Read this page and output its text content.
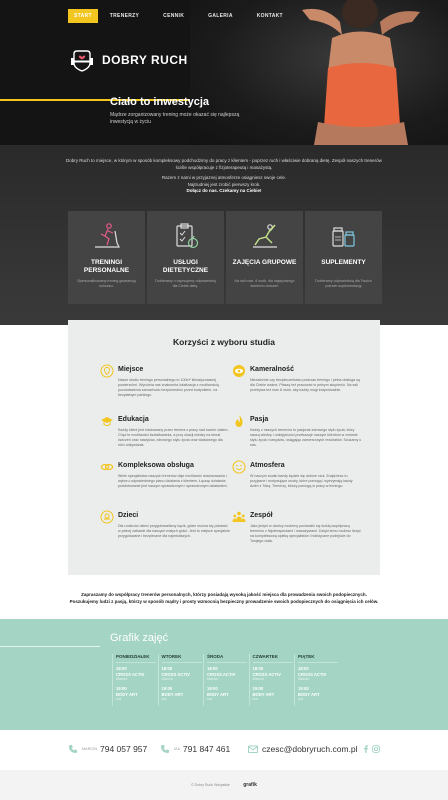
START	TRENERZY	CENNIK	GALERIA	KONTAKT
DOBRY RUCH
Ciało to inwestycja
Mądrze zorganizowany trening może okazać się najlepszą inwestycją w życiu

Dobry Ruch to miejsce, w którym w sposób kompleksowy podchodzimy do pracy z klientem - poprzez ruch i właściwie dobraną dietę. Zespół naszych trenerów ściśle współpracuje z fizjoterapeutą i masażystą.

Razem z nami w przyjaznej atmosferze osiągniesz swoje cele.

Najtrudniej jest zrobić pierwszy krok.

Dołącz do nas. Czekamy na Ciebie!

TRENINGI PERSONALNE
Spersonalizowany trening gwarancją sukcesu.
USŁUGI DIETETYCZNE
Dobieramy i rozpisujemy odpowiednią dla Ciebie dietę.
ZAJĘCIA GRUPOWE
Na sali max. 8 osób, dla najwyższego komfortu ćwiczeń
SUPLEMENTY
Dobieramy odpowiednią dla Twoich potrzeb suplementację
Korzyści z wyboru studia
Miejsce
Nasze studio treningu personalnego to 100m² klimatyzowanej powierzchni. Wyróżnia nas znakomita lokalizacja z możliwością pozostawienia samochodu bezpośrednio przed budynkiem, na bezpłatnym parkingu.
Kameralność
Niezależnie czy bezpieczeństwo podczas treningu i pełna obsługa są dla Ciebie ważne, Ptaszę też pracować w pełnym skupieniu. Na sali przebywa też max 8 osób, aby każdy mógł indywidualnie.
Edukacja
Każdy klient jest edukowany przez trenera z pracy nad swoim ciałem. Chęć te możliwości kształtowania, a przy okazji wiedzy na temat ćwiczeń oraz nawyków, zdrowego stylu życia oraz właściwego dla nich odżywiania.
Pasja
Każdy z naszych trenerów to pasjonat zdrowego stylu życia, który naszą wiedzę i umiejętności przekazuje naszym klientom w zmianie stylu życia i nawyków, osiągając zamierzonych rezultatów. Szukamy u nas.
Kompleksowa obsługa
Wiele specjalistów naszych trenerów daje możliwość dostosowania i wyboru odpowiedniego planu działania z klientem. Łącząc działania poddotowanie jest naszym sprawdzonym i sprawdzonym działaniem.
Atmosfera
W naszym studiu każdy będzie się dobrze czuł. Znajdziesz tu przyjazne i motywujące osoby, które pomogą i wytrzymają każdy dzień z Tobą. Trenerzy, którzy pomogą w pracy w treningu.
Dzieci
Dla rodziców dzieci przygotowaliśmy kącik, gdzie można się pobawić w pełnej zabawie dla naszych małych gości. Jest to miejsce specjalnie przygotowane i bezpieczne dla najmłodszych.
Zespół
Jako jedyni w okolicy możemy pochwalić się ścisłą współpracą trenerów z fizjoterapeutami i masażystami. Dzięki temu możesz liczyć na kompleksową opiekę specjalistów i holistyczne podejście do Twojego ciała.
Zapraszamy do współpracy trenerów personalnych, którzy posiadają wysoką jakość miejsca dla prowadzenia swoich podopiecznych.
Poszukujemy ludzi z pasją, którzy w sposób mądry i prosty wzmocnią bezpieczny prowadzenie swoich podopiecznych do osiągnięcia ich celów.
Grafik zajęć
PONIEDZIAŁEK
18:00
CROSS ACTIV
Marcin
19:00
BODY ART
Iza
WTOREK
18:00
CROSS ACTIV
Marcin
19:00
BODY ART
Iza
ŚRODA
18:00
CROSS ACTIV
Marcin
19:00
BODY ART
Iza
CZWARTEK
18:00
CROSS ACTIV
Marcin
19:00
BODY ART
Iza
PIĄTEK
18:00
CROSS ACTIV
Marcin
19:00
BODY ART
Iza
MARCIN 794 057 957	IZA 791 847 461	czesc@dobryruch.com.pl
© Dobry Ruch Wszystkie	grafik
